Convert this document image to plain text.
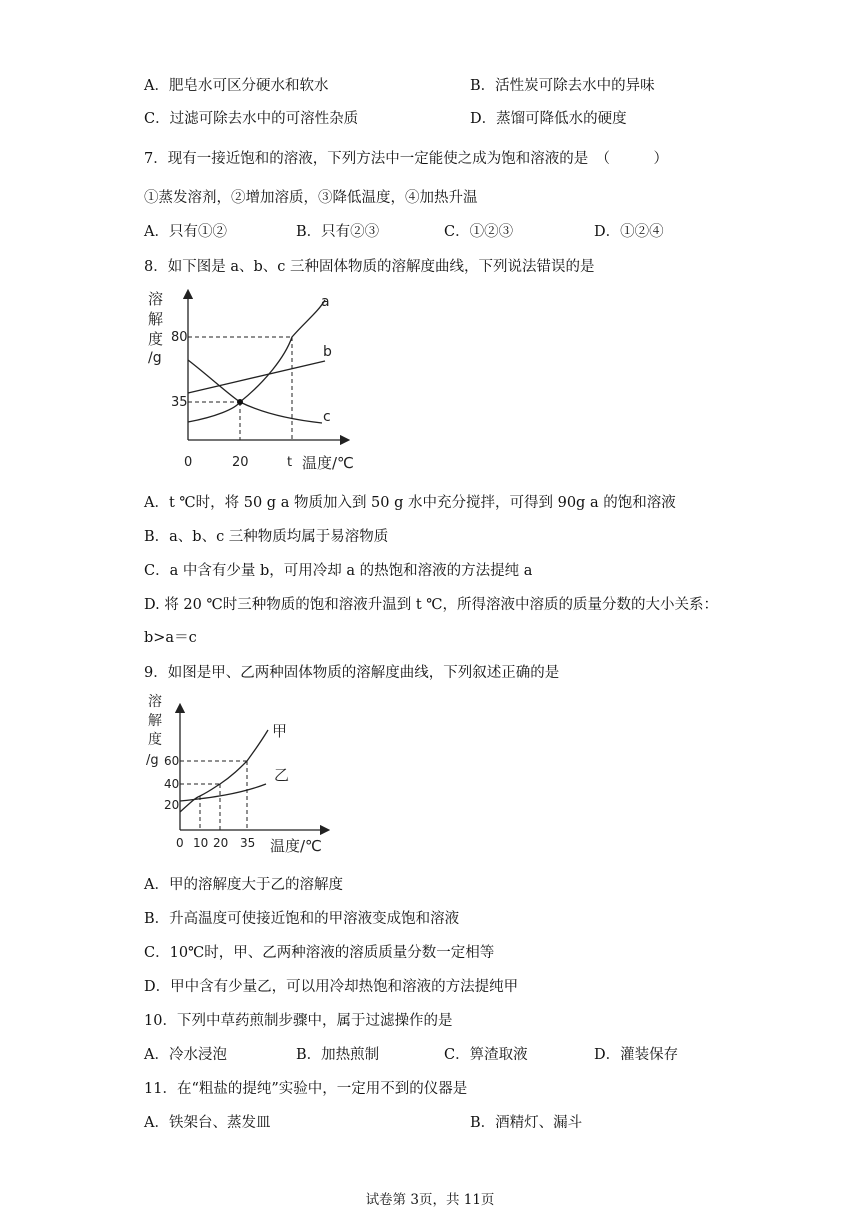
A．肥皂水可区分硬水和软水	B．活性炭可除去水中的异味
C．过滤可除去水中的可溶性杂质	D．蒸馏可降低水的硬度
7．现有一接近饱和的溶液，下列方法中一定能使之成为饱和溶液的是　（　　　）
①蒸发溶剂，②增加溶质，③降低温度，④加热升温
A．只有①②	B．只有②③	C．①②③	D．①②④
8．如下图是 a、b、c 三种固体物质的溶解度曲线，下列说法错误的是
溶
解
度
/g
80
35
0	20	t 温度/℃
a
b
c
A．t ℃时，将 50 g a 物质加入到 50 g 水中充分搅拌，可得到 90g a 的饱和溶液
B．a、b、c 三种物质均属于易溶物质
C．a 中含有少量 b，可用冷却 a 的热饱和溶液的方法提纯 a
D. 将 20 ℃时三种物质的饱和溶液升温到 t ℃，所得溶液中溶质的质量分数的大小关系：
b>a＝c
9．如图是甲、乙两种固体物质的溶解度曲线，下列叙述正确的是
溶
解
度
/g 60
40
20
0 10 20 35 温度/℃
甲
乙
A．甲的溶解度大于乙的溶解度
B．升高温度可使接近饱和的甲溶液变成饱和溶液
C．10℃时，甲、乙两种溶液的溶质质量分数一定相等
D．甲中含有少量乙，可以用冷却热饱和溶液的方法提纯甲
10．下列中草药煎制步骤中，属于过滤操作的是
A．冷水浸泡	B．加热煎制	C．箅渣取液	D．灌装保存
11．在“粗盐的提纯”实验中，一定用不到的仪器是
A．铁架台、蒸发皿	B．酒精灯、漏斗
试卷第 3页，共 11页
